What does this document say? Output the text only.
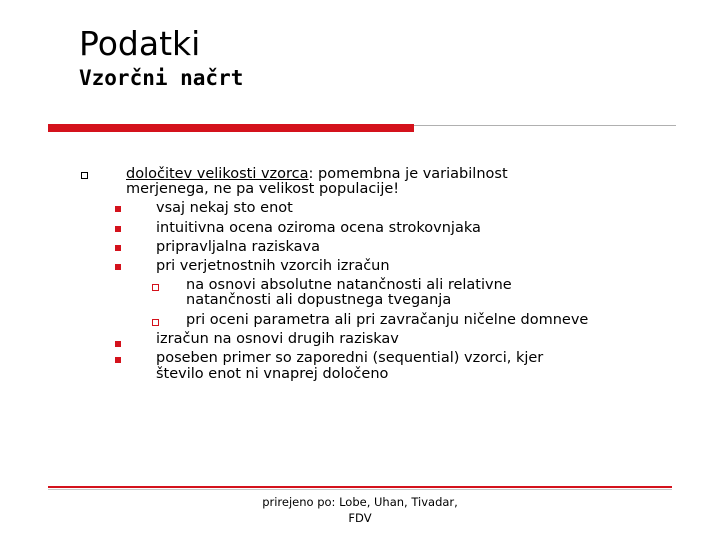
Podatki
Vzorčni načrt
določitev velikosti vzorca: pomembna je variabilnost
merjenega, ne pa velikost populacije!
vsaj nekaj sto enot
intuitivna ocena oziroma ocena strokovnjaka
pripravljalna raziskava
pri verjetnostnih vzorcih izračun
na osnovi absolutne natančnosti ali relativne
natančnosti ali dopustnega tveganja
pri oceni parametra ali pri zavračanju ničelne domneve
izračun na osnovi drugih raziskav
poseben primer so zaporedni (sequential) vzorci, kjer
število enot ni vnaprej določeno
prirejeno po: Lobe, Uhan, Tivadar,
FDV
